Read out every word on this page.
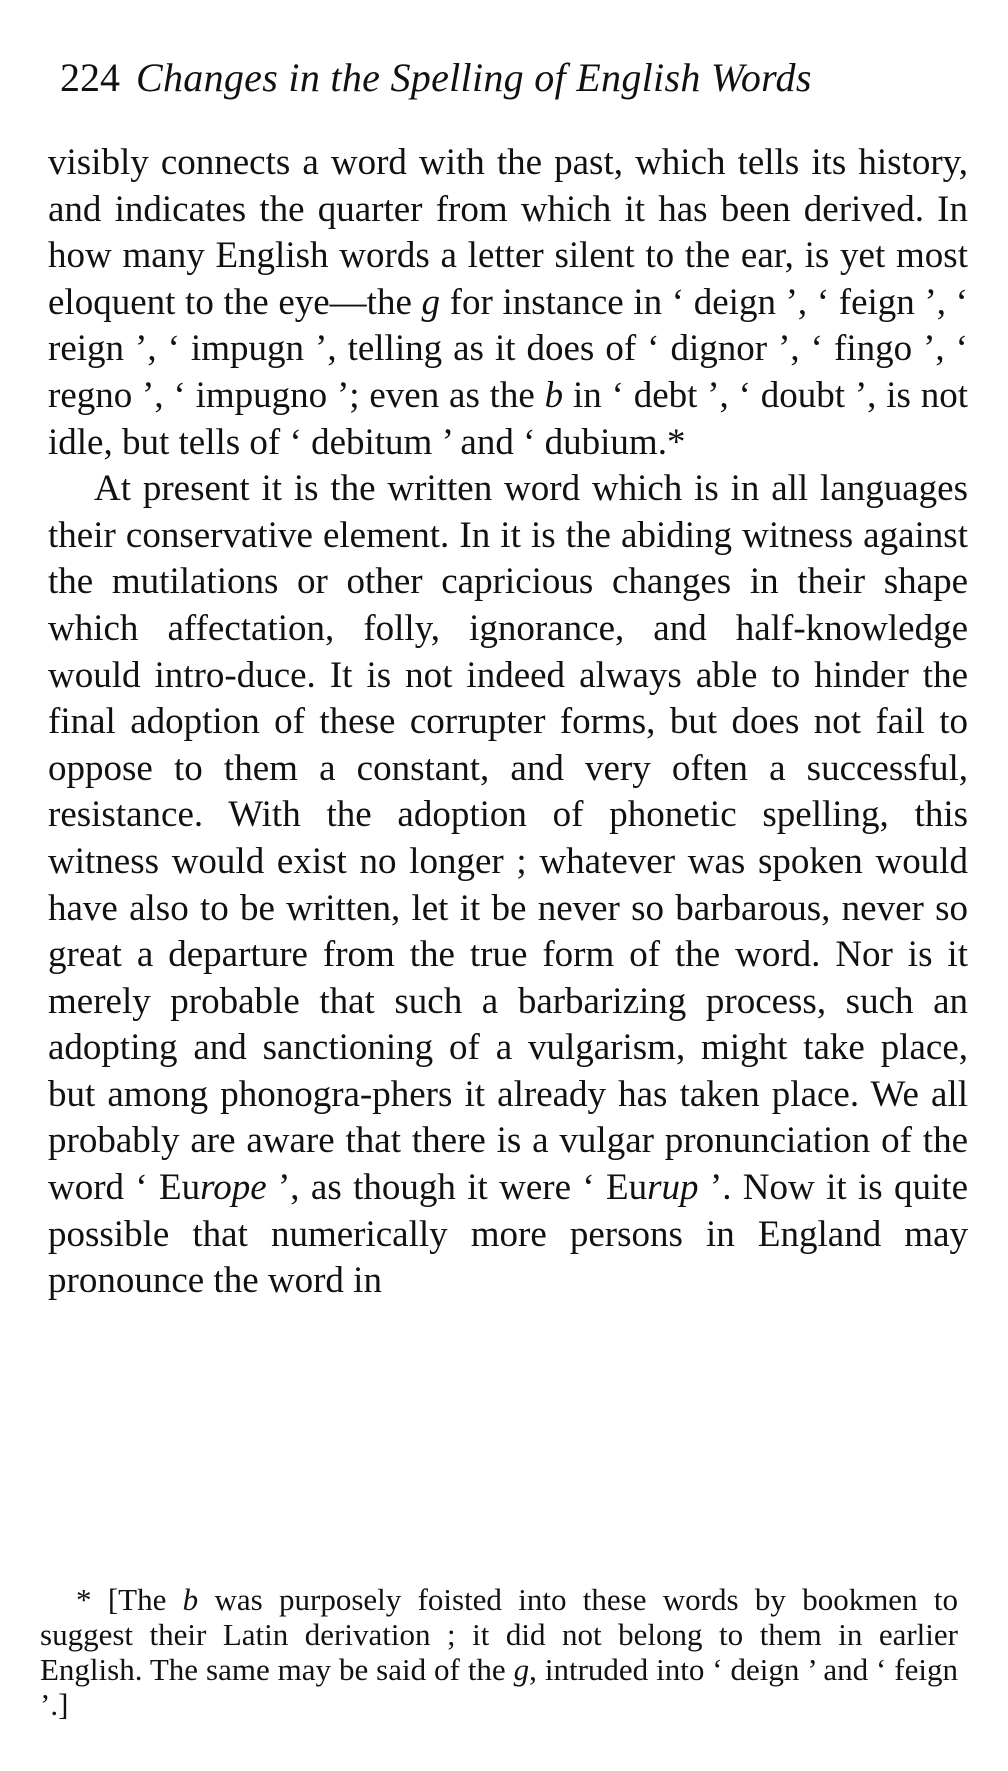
224 Changes in the Spelling of English Words

visibly connects a word with the past, which tells its history, and indicates the quarter from which it has been derived. In how many English words a letter silent to the ear, is yet most eloquent to the eye—the g for instance in ‘ deign ’, ‘ feign ’, ‘ reign ’, ‘ impugn ’, telling as it does of ‘ dignor ’, ‘ fingo ’, ‘ regno ’, ‘ impugno ’; even as the b in ‘ debt ’, ‘ doubt ’, is not idle, but tells of ‘ debitum ’ and ‘ dubium.*

At present it is the written word which is in all languages their conservative element. In it is the abiding witness against the mutilations or other capricious changes in their shape which affectation, folly, ignorance, and half-knowledge would intro-duce. It is not indeed always able to hinder the final adoption of these corrupter forms, but does not fail to oppose to them a constant, and very often a successful, resistance. With the adoption of phonetic spelling, this witness would exist no longer ; whatever was spoken would have also to be written, let it be never so barbarous, never so great a departure from the true form of the word. Nor is it merely probable that such a barbarizing process, such an adopting and sanctioning of a vulgarism, might take place, but among phonogra-phers it already has taken place. We all probably are aware that there is a vulgar pronunciation of the word ‘ Europe ’, as though it were ‘ Eurup ’. Now it is quite possible that numerically more persons in England may pronounce the word in

* [The b was purposely foisted into these words by bookmen to suggest their Latin derivation ; it did not belong to them in earlier English. The same may be said of the g, intruded into ‘ deign ’ and ‘ feign ’.]
